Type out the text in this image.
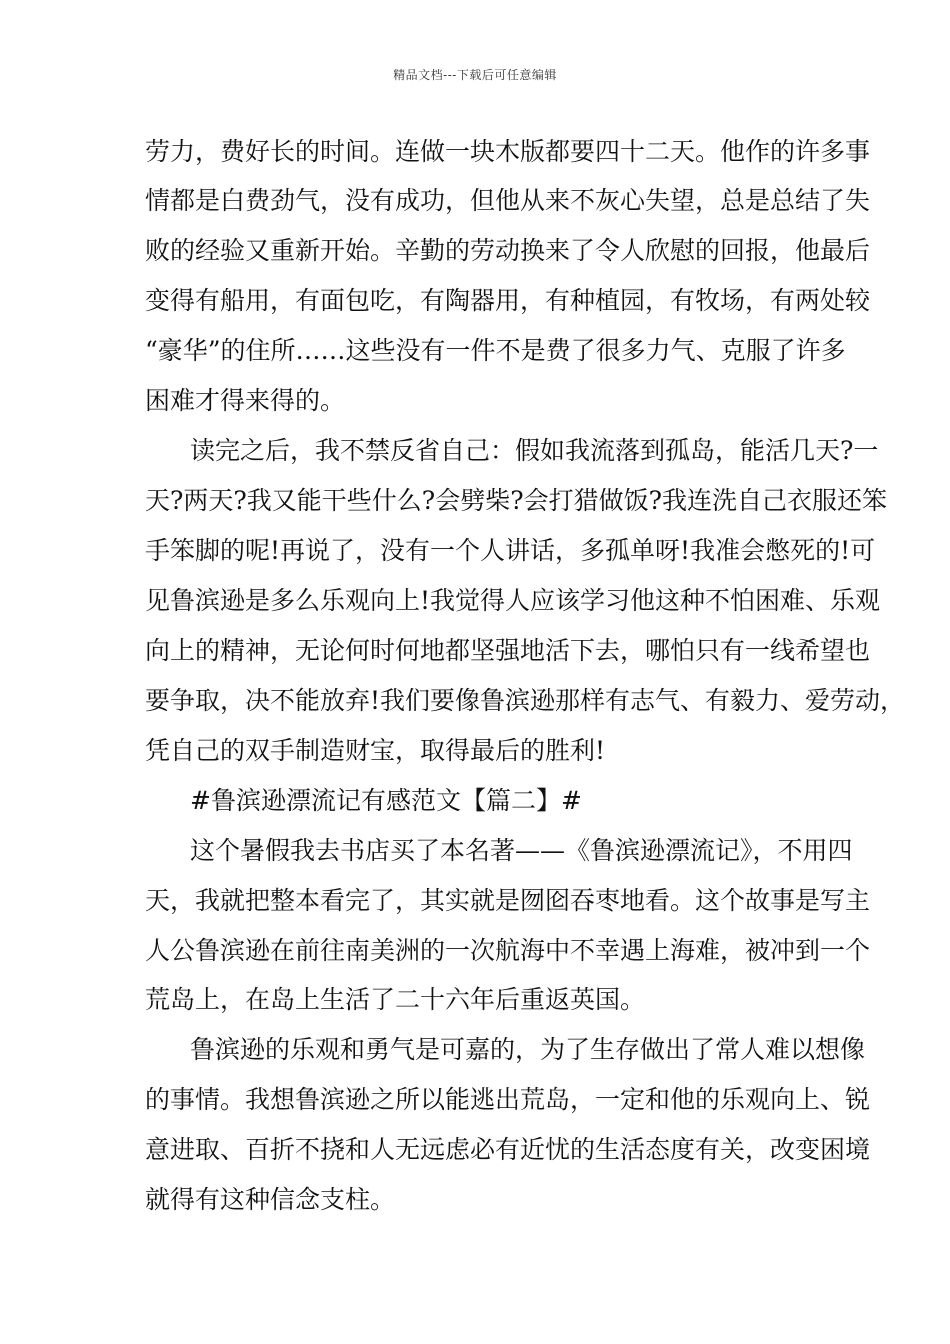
精品文档---下载后可任意编辑
劳力，费好长的时间。连做一块木版都要四十二天。他作的许多事
情都是白费劲气，没有成功，但他从来不灰心失望，总是总结了失
败的经验又重新开始。辛勤的劳动换来了令人欣慰的回报，他最后
变得有船用，有面包吃，有陶器用，有种植园，有牧场，有两处较
“豪华”的住所……这些没有一件不是费了很多力气、克服了许多
困难才得来得的。
读完之后，我不禁反省自己：假如我流落到孤岛，能活几天?一
天?两天?我又能干些什么?会劈柴?会打猎做饭?我连洗自己衣服还笨
手笨脚的呢!再说了，没有一个人讲话，多孤单呀!我准会憋死的!可
见鲁滨逊是多么乐观向上!我觉得人应该学习他这种不怕困难、乐观
向上的精神，无论何时何地都坚强地活下去，哪怕只有一线希望也
要争取，决不能放弃!我们要像鲁滨逊那样有志气、有毅力、爱劳动，
凭自己的双手制造财宝，取得最后的胜利!
#鲁滨逊漂流记有感范文【篇二】#
这个暑假我去书店买了本名著——《鲁滨逊漂流记》，不用四
天，我就把整本看完了，其实就是囫囵吞枣地看。这个故事是写主
人公鲁滨逊在前往南美洲的一次航海中不幸遇上海难，被冲到一个
荒岛上，在岛上生活了二十六年后重返英国。
鲁滨逊的乐观和勇气是可嘉的，为了生存做出了常人难以想像
的事情。我想鲁滨逊之所以能逃出荒岛，一定和他的乐观向上、锐
意进取、百折不挠和人无远虑必有近忧的生活态度有关，改变困境
就得有这种信念支柱。
